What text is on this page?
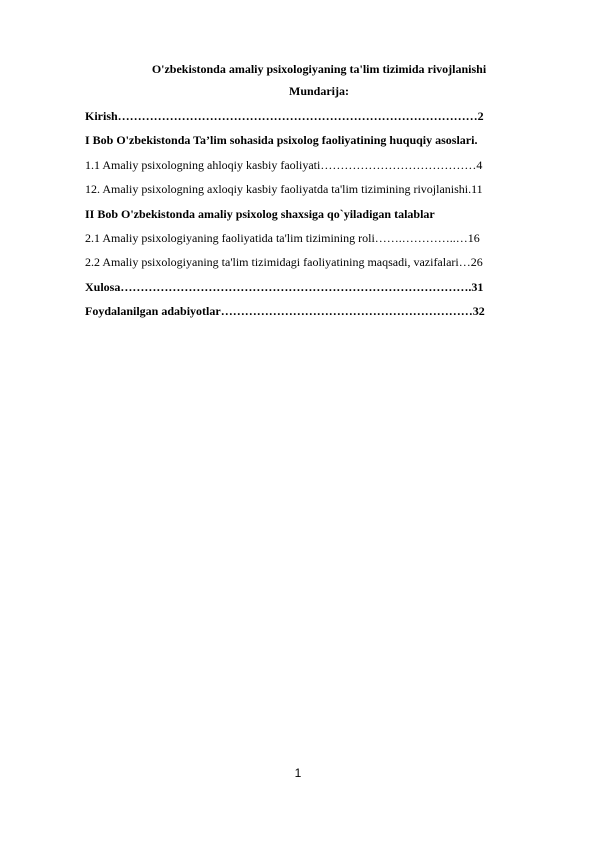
O'zbekistonda amaliy psixologiyaning ta'lim tizimida rivojlanishi
Mundarija:
Kirish………………………………………………………………………………2
I Bob O'zbekistonda Ta’lim sohasida psixolog faoliyatining huquqiy asoslari.
1.1 Amaliy psixologning ahloqiy kasbiy faoliyati…………………………………4
12. Amaliy psixologning axloqiy kasbiy faoliyatda ta'lim tizimining rivojlanishi.11
II Bob O'zbekistonda amaliy psixolog shaxsiga qo`yiladigan talablar
2.1 Amaliy psixologiyaning faoliyatida ta'lim tizimining roli…….…………..…16
2.2 Amaliy psixologiyaning ta'lim tizimidagi faoliyatining maqsadi, vazifalari…26
Xulosa…………………………………………………………………………….31
Foydalanilgan adabiyotlar………………………………………………………32
1
